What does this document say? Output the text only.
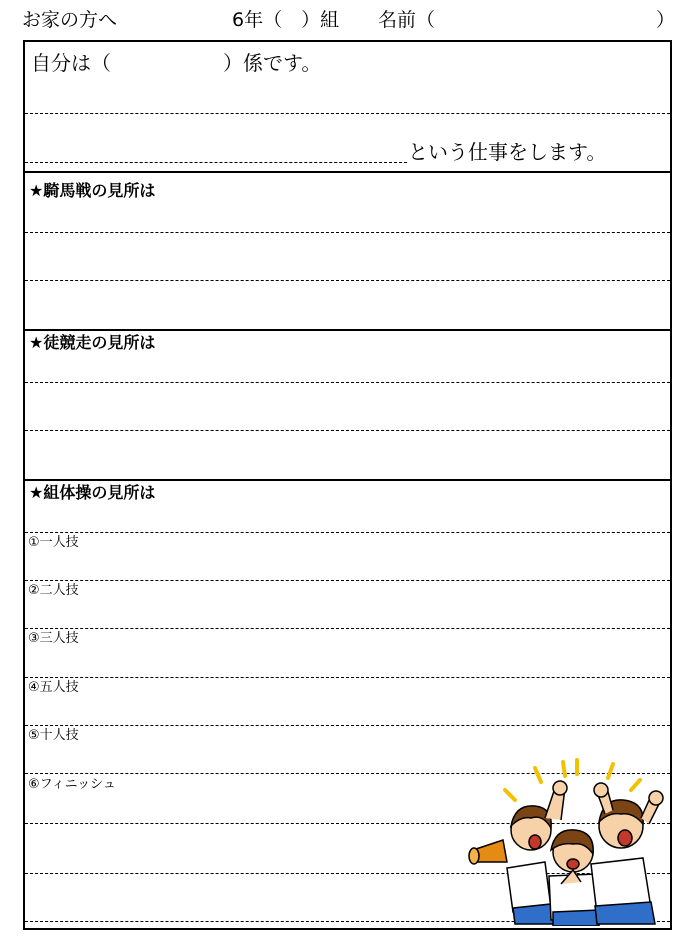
お家の方へ	6年（　）組 名前（	）
自分は（	）係です。
という仕事をします。
★騎馬戦の見所は
★徒競走の見所は
★組体操の見所は
①一人技
②二人技
③三人技
④五人技
⑤十人技
⑥フィニッシュ
